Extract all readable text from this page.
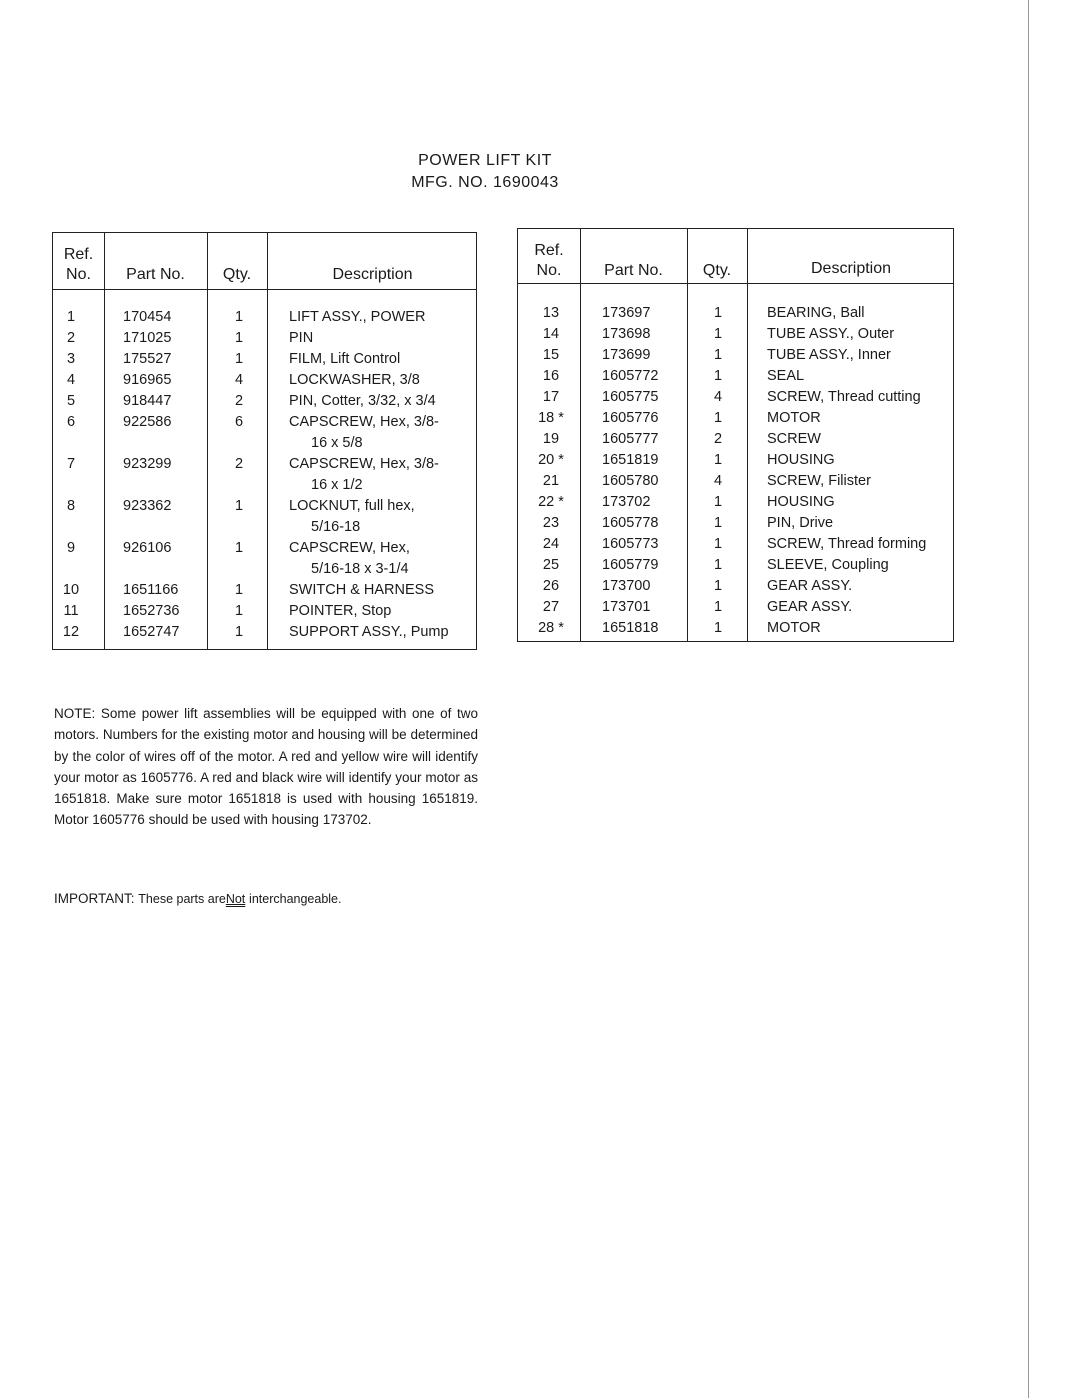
POWER LIFT KIT
MFG. NO. 1690043
Ref.
No.	Part No.	Qty.	Description
1	170454	1	LIFT ASSY., POWER
2	171025	1	PIN
3	175527	1	FILM, Lift Control
4	916965	4	LOCKWASHER, 3/8
5	918447	2	PIN, Cotter, 3/32, x 3/4
6	922586	6	CAPSCREW, Hex, 3/8-
16 x 5/8
7	923299	2	CAPSCREW, Hex, 3/8-
16 x 1/2
8	923362	1	LOCKNUT, full hex,
5/16-18
9	926106	1	CAPSCREW, Hex,
5/16-18 x 3-1/4
10	1651166	1	SWITCH & HARNESS
11	1652736	1	POINTER, Stop
12	1652747	1	SUPPORT ASSY., Pump
Ref.
No.	Part No.	Qty.	Description
13	173697	1	BEARING, Ball
14	173698	1	TUBE ASSY., Outer
15	173699	1	TUBE ASSY., Inner
16	1605772	1	SEAL
17	1605775	4	SCREW, Thread cutting
18 *	1605776	1	MOTOR
19	1605777	2	SCREW
20 *	1651819	1	HOUSING
21	1605780	4	SCREW, Filister
22 *	173702	1	HOUSING
23	1605778	1	PIN, Drive
24	1605773	1	SCREW, Thread forming
25	1605779	1	SLEEVE, Coupling
26	173700	1	GEAR ASSY.
27	173701	1	GEAR ASSY.
28 *	1651818	1	MOTOR
NOTE: Some power lift assemblies will be equipped with one of two motors. Numbers for the existing motor and housing will be determined by the color of wires off of the motor. A red and yellow wire will identify your motor as 1605776. A red and black wire will identify your motor as 1651818. Make sure motor 1651818 is used with housing 1651819. Motor 1605776 should be used with housing 173702.
IMPORTANT: These parts areNot interchangeable.
